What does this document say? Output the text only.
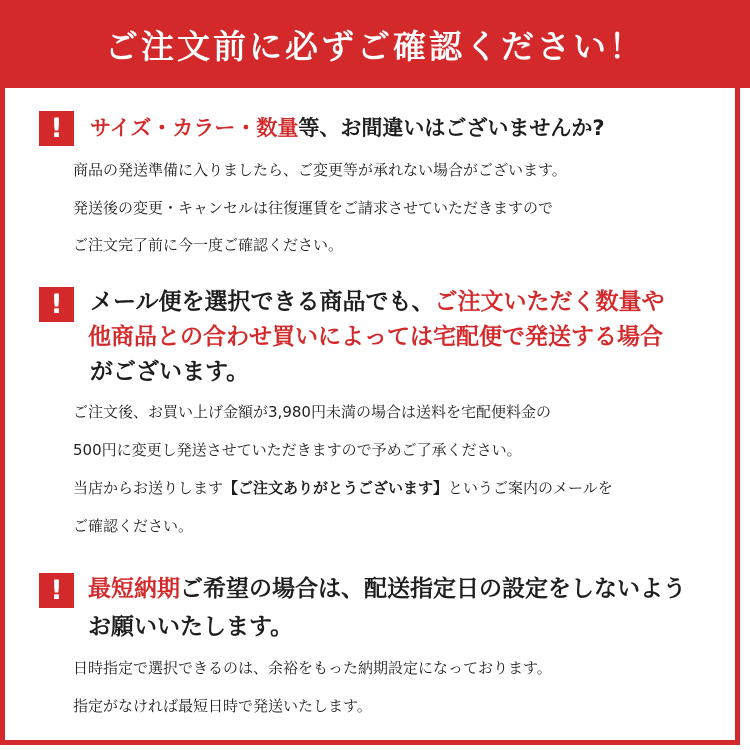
ご注文前に必ずご確認ください！
!	サイズ・カラー・数量等、お間違いはございませんか?
商品の発送準備に入りましたら、ご変更等が承れない場合がございます。
発送後の変更・キャンセルは往復運賃をご請求させていただきますので
ご注文完了前に今一度ご確認ください。
!	メール便を選択できる商品でも、ご注文いただく数量や
他商品との合わせ買いによっては宅配便で発送する場合
がございます。
ご注文後、お買い上げ金額が3,980円未満の場合は送料を宅配便料金の
500円に変更し発送させていただきますので予めご了承ください。
当店からお送りします【ご注文ありがとうございます】というご案内のメールを
ご確認ください。
!	最短納期ご希望の場合は、配送指定日の設定をしないよう
お願いいたします。
日時指定で選択できるのは、余裕をもった納期設定になっております。
指定がなければ最短日時で発送いたします。
